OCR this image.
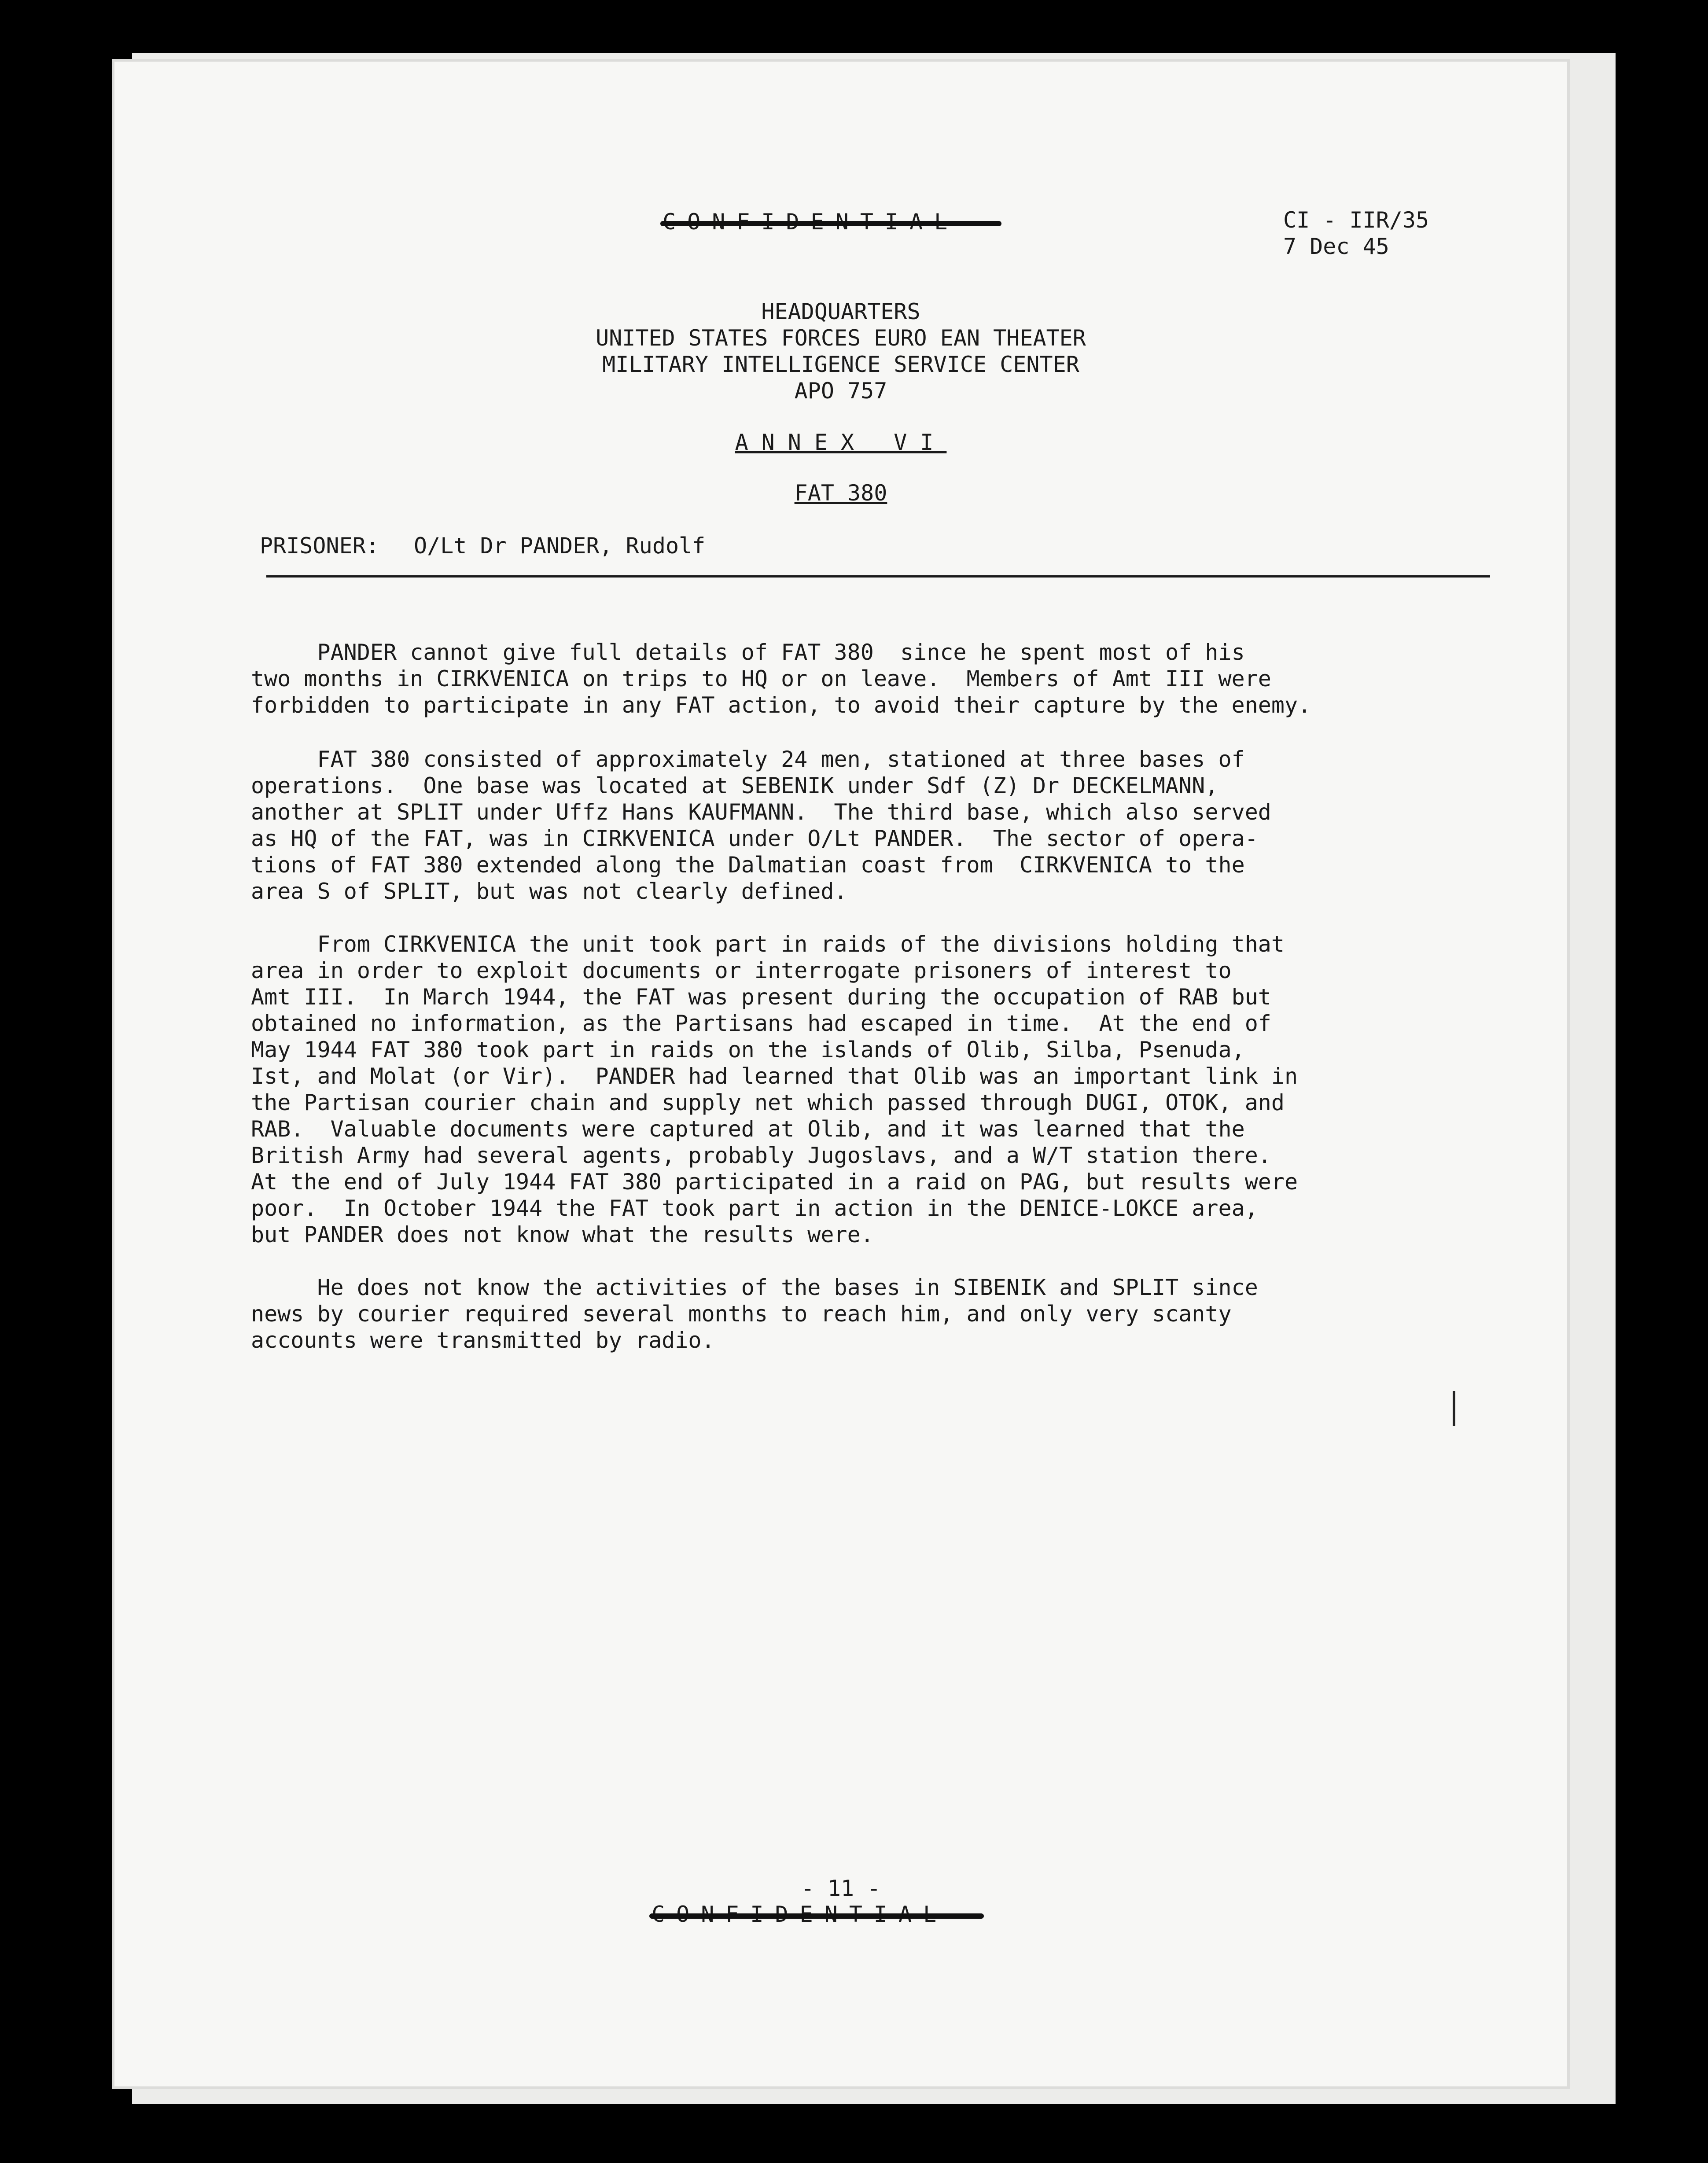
CI - IIR/35
7 Dec 45
HEADQUARTERS
UNITED STATES FORCES EURO EAN THEATER
MILITARY INTELLIGENCE SERVICE CENTER
APO 757
ANNEX VI
FAT 380
PRISONER: O/Lt Dr PANDER, Rudolf
PANDER cannot give full details of FAT 380  since he spent most of his
two months in CIRKVENICA on trips to HQ or on leave.  Members of Amt III were
forbidden to participate in any FAT action, to avoid their capture by the enemy.
FAT 380 consisted of approximately 24 men, stationed at three bases of
operations.  One base was located at SEBENIK under Sdf (Z) Dr DECKELMANN,
another at SPLIT under Uffz Hans KAUFMANN.  The third base, which also served
as HQ of the FAT, was in CIRKVENICA under O/Lt PANDER.  The sector of opera-
tions of FAT 380 extended along the Dalmatian coast from  CIRKVENICA to the
area S of SPLIT, but was not clearly defined.
From CIRKVENICA the unit took part in raids of the divisions holding that
area in order to exploit documents or interrogate prisoners of interest to
Amt III.  In March 1944, the FAT was present during the occupation of RAB but
obtained no information, as the Partisans had escaped in time.  At the end of
May 1944 FAT 380 took part in raids on the islands of Olib, Silba, Psenuda,
Ist, and Molat (or Vir).  PANDER had learned that Olib was an important link in
the Partisan courier chain and supply net which passed through DUGI, OTOK, and
RAB.  Valuable documents were captured at Olib, and it was learned that the
British Army had several agents, probably Jugoslavs, and a W/T station there.
At the end of July 1944 FAT 380 participated in a raid on PAG, but results were
poor.  In October 1944 the FAT took part in action in the DENICE-LOKCE area,
but PANDER does not know what the results were.
He does not know the activities of the bases in SIBENIK and SPLIT since
news by courier required several months to reach him, and only very scanty
accounts were transmitted by radio.
- 11 -
